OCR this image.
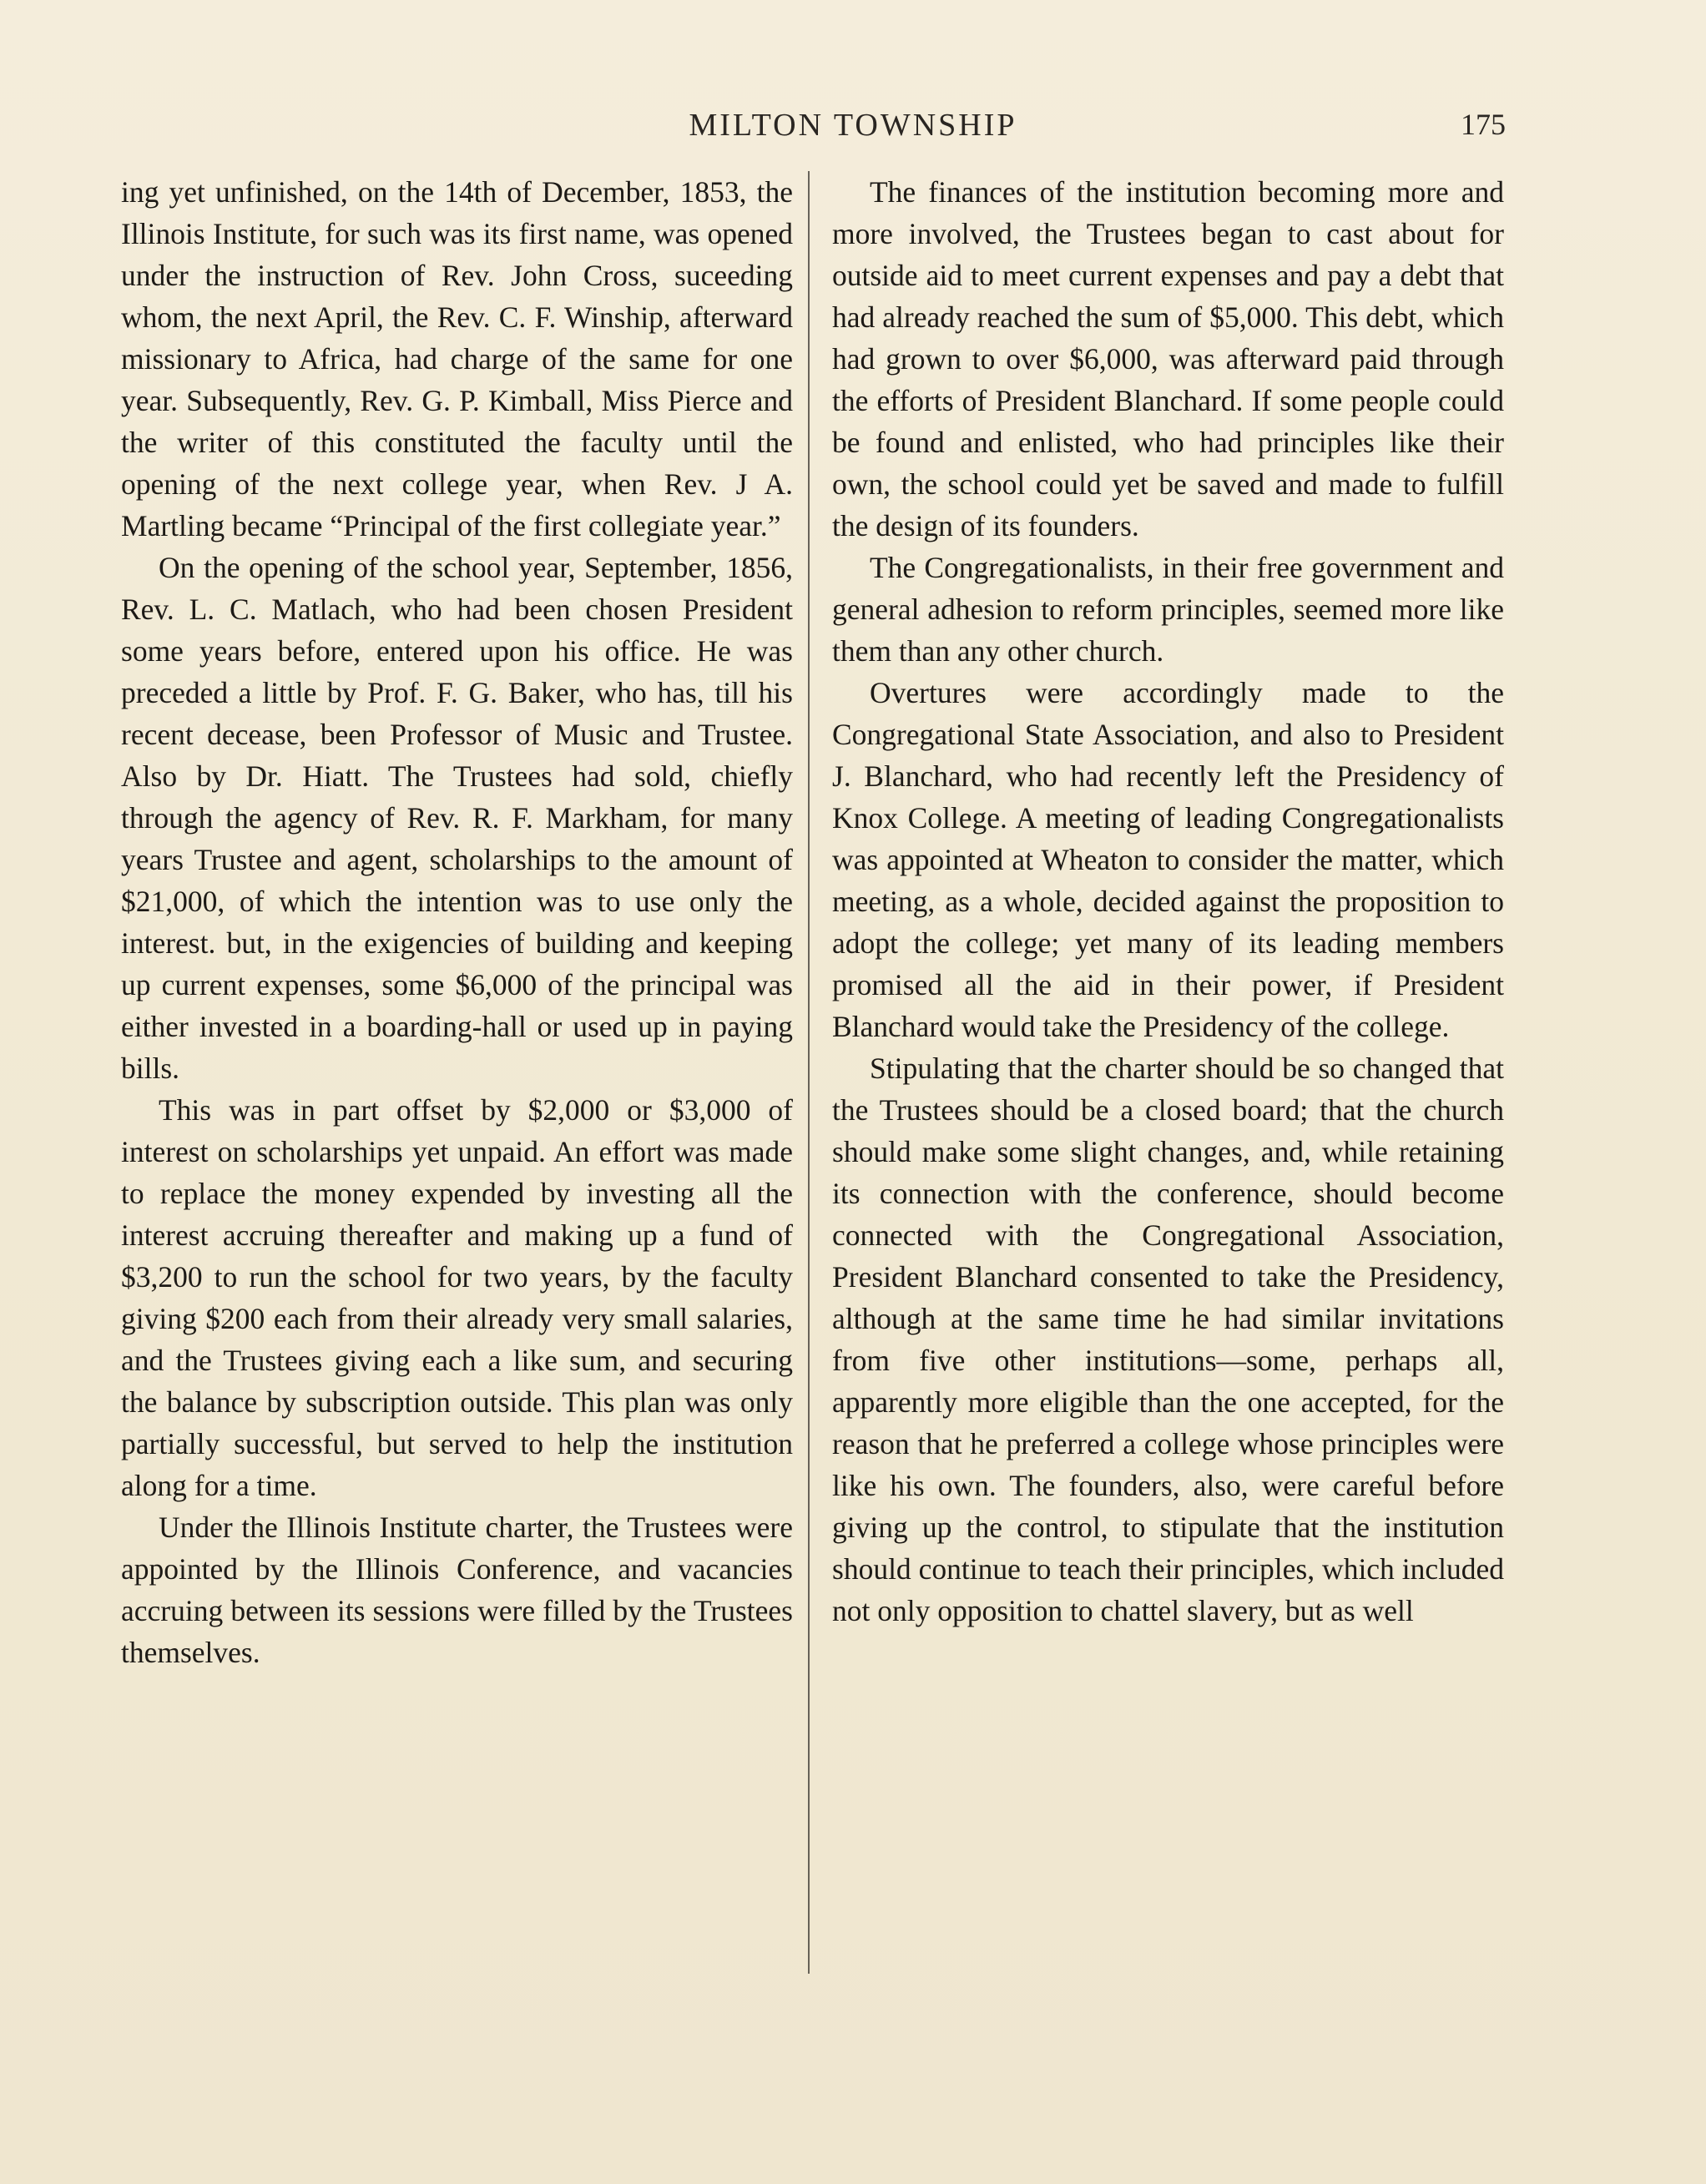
MILTON TOWNSHIP	175

ing yet unfinished, on the 14th of December, 1853, the Illinois Institute, for such was its first name, was opened under the instruction of Rev. John Cross, suceeding whom, the next April, the Rev. C. F. Winship, afterward missionary to Africa, had charge of the same for one year. Subsequently, Rev. G. P. Kimball, Miss Pierce and the writer of this constituted the faculty until the opening of the next college year, when Rev. J A. Martling became “Principal of the first collegiate year.”

On the opening of the school year, September, 1856, Rev. L. C. Matlach, who had been chosen President some years before, entered upon his office. He was preceded a little by Prof. F. G. Baker, who has, till his recent decease, been Professor of Music and Trustee. Also by Dr. Hiatt. The Trustees had sold, chiefly through the agency of Rev. R. F. Markham, for many years Trustee and agent, scholarships to the amount of $21,000, of which the intention was to use only the interest. but, in the exigencies of building and keeping up current expenses, some $6,000 of the principal was either invested in a boarding-hall or used up in paying bills.

This was in part offset by $2,000 or $3,000 of interest on scholarships yet unpaid. An effort was made to replace the money expended by investing all the interest accruing thereafter and making up a fund of $3,200 to run the school for two years, by the faculty giving $200 each from their already very small salaries, and the Trustees giving each a like sum, and securing the balance by subscription outside. This plan was only partially successful, but served to help the institution along for a time.

Under the Illinois Institute charter, the Trustees were appointed by the Illinois Conference, and vacancies accruing between its sessions were filled by the Trustees themselves.

The finances of the institution becoming more and more involved, the Trustees began to cast about for outside aid to meet current expenses and pay a debt that had already reached the sum of $5,000. This debt, which had grown to over $6,000, was afterward paid through the efforts of President Blanchard. If some people could be found and enlisted, who had principles like their own, the school could yet be saved and made to fulfill the design of its founders.

The Congregationalists, in their free government and general adhesion to reform principles, seemed more like them than any other church.

Overtures were accordingly made to the Congregational State Association, and also to President J. Blanchard, who had recently left the Presidency of Knox College. A meeting of leading Congregationalists was appointed at Wheaton to consider the matter, which meeting, as a whole, decided against the proposition to adopt the college; yet many of its leading members promised all the aid in their power, if President Blanchard would take the Presidency of the college.

Stipulating that the charter should be so changed that the Trustees should be a closed board; that the church should make some slight changes, and, while retaining its connection with the conference, should become connected with the Congregational Association, President Blanchard consented to take the Presidency, although at the same time he had similar invitations from five other institutions—some, perhaps all, apparently more eligible than the one accepted, for the reason that he preferred a college whose principles were like his own. The founders, also, were careful before giving up the control, to stipulate that the institution should continue to teach their principles, which included not only opposition to chattel slavery, but as well
